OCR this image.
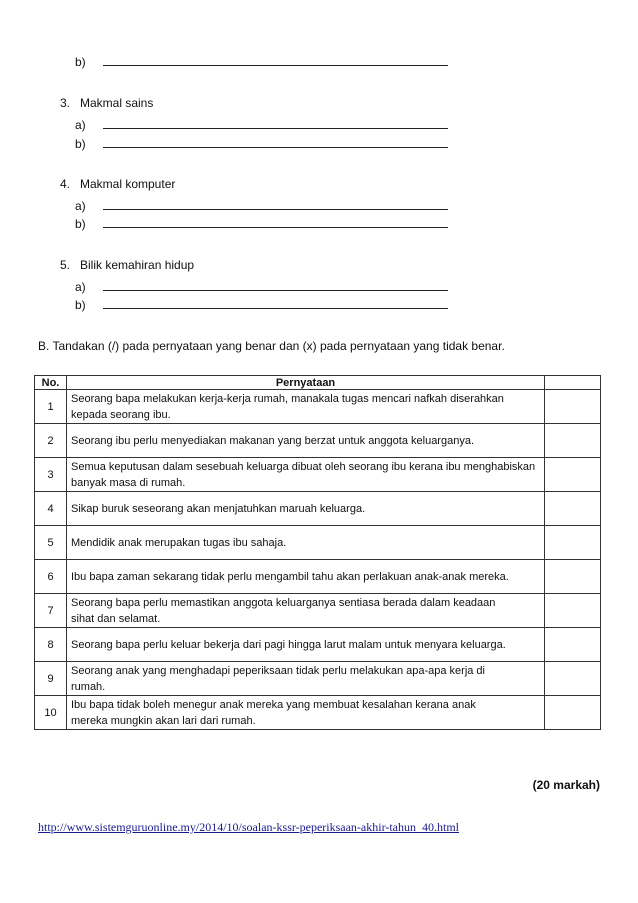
b)
3. Makmal sains
a)
b)
4. Makmal komputer
a)
b)
5. Bilik kemahiran hidup
a)
b)
B. Tandakan (/) pada pernyataan yang benar dan (x) pada pernyataan yang tidak benar.
No.	Pernyataan	
1	Seorang bapa melakukan kerja-kerja rumah, manakala tugas mencari nafkah diserahkan
kepada seorang ibu.	

2	Seorang ibu perlu menyediakan makanan yang berzat untuk anggota keluarganya.	

3	Semua keputusan dalam sesebuah keluarga dibuat oleh seorang ibu kerana ibu menghabiskan
banyak masa di rumah.	

4	Sikap buruk seseorang akan menjatuhkan maruah keluarga.	

5	Mendidik anak merupakan tugas ibu sahaja.	

6	Ibu bapa zaman sekarang tidak perlu mengambil tahu akan perlakuan anak-anak mereka.	

7	Seorang bapa perlu memastikan anggota keluarganya sentiasa berada dalam keadaan
sihat dan selamat.	

8	Seorang bapa perlu keluar bekerja dari pagi hingga larut malam untuk menyara keluarga.	

9	Seorang anak yang menghadapi peperiksaan tidak perlu melakukan apa-apa kerja di
rumah.	

10	Ibu bapa tidak boleh menegur anak mereka yang membuat kesalahan kerana anak
mereka mungkin akan lari dari rumah.	

(20 markah)
http://www.sistemguruonline.my/2014/10/soalan-kssr-peperiksaan-akhir-tahun_40.html
